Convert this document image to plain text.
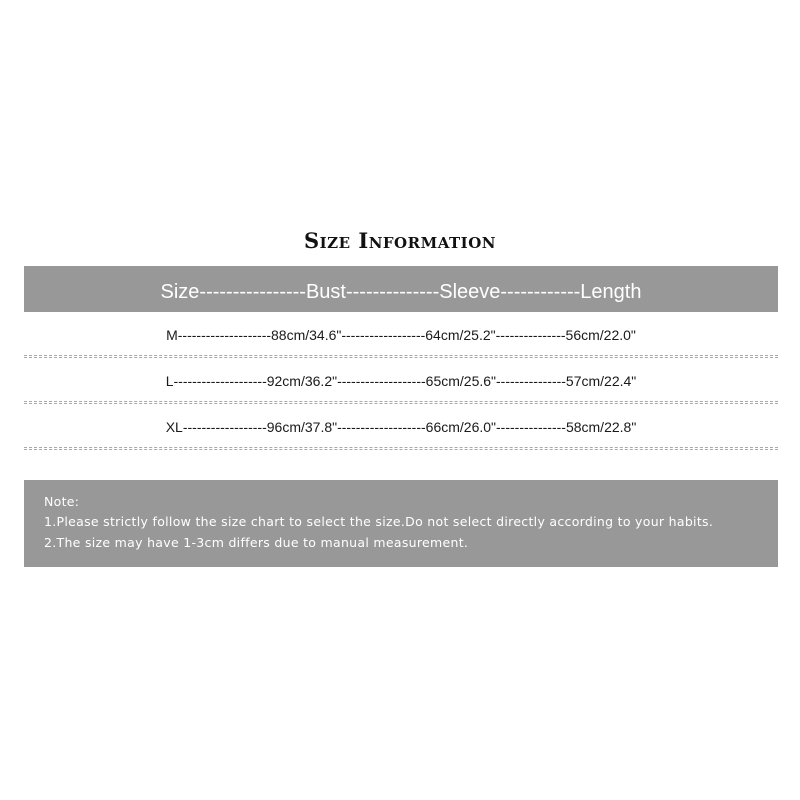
Size Information
Size----------------Bust--------------Sleeve------------Length
M--------------------88cm/34.6"------------------64cm/25.2"---------------56cm/22.0"
L--------------------92cm/36.2"-------------------65cm/25.6"---------------57cm/22.4"
XL------------------96cm/37.8"-------------------66cm/26.0"---------------58cm/22.8"
Note:
1.Please strictly follow the size chart to select the size.Do not select directly according to your habits.
2.The size may have 1-3cm differs due to manual measurement.
